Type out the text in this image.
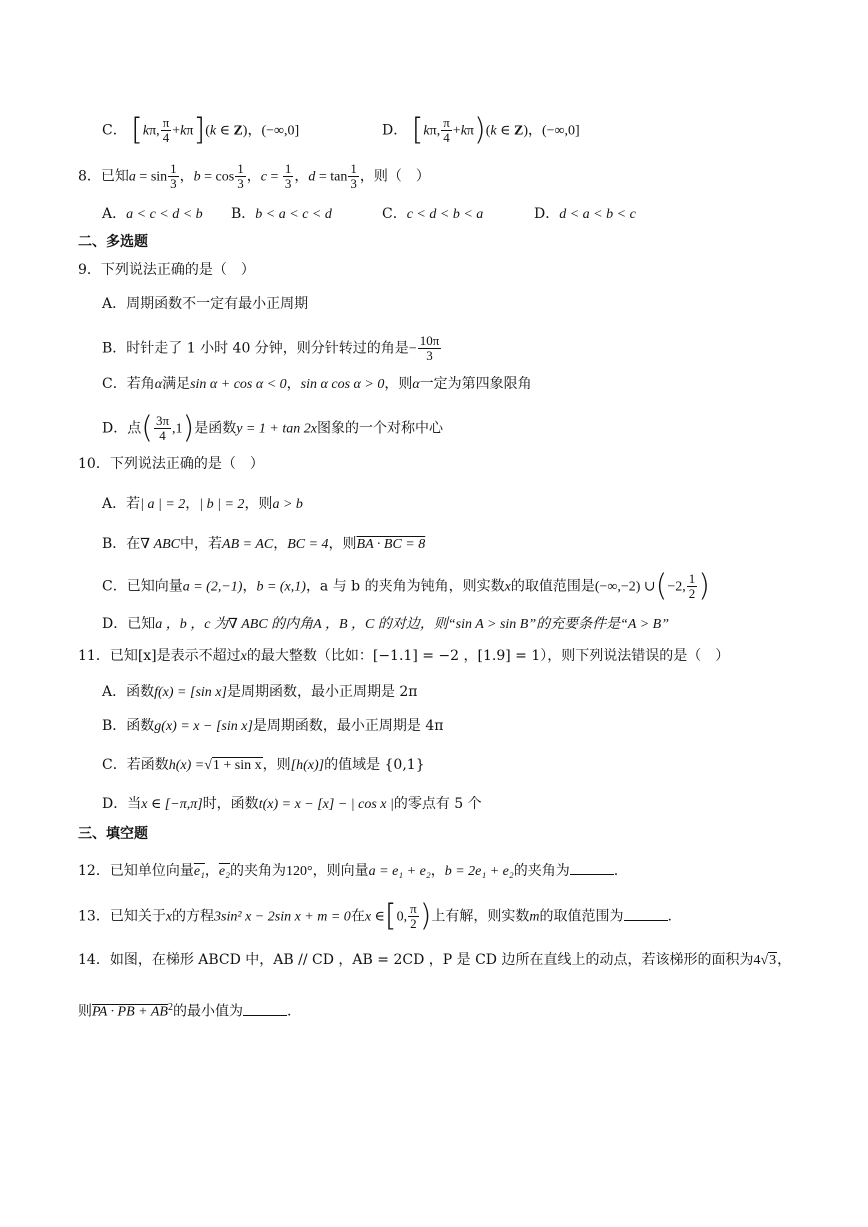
C． [kπ, $\frac{\pi}{4} +k\pi](k$ ∈ Z)，(−∞,0]	D． [kπ, $\frac{\pi}{4} +k\pi)(k$ ∈ Z)，(−∞,0]
8．已知$a = \sin \frac{1}{3}$ ，$b = \cos \frac{1}{3}$ ，$c = \frac{1}{3}$ ，$d = \tan \frac{1}{3}$ ，则（　）
A．a < c < d < b B．b < a < c < d	C．c < d < b < a	D．d < a < b < c
二、多选题
9．下列说法正确的是（　）
A．周期函数不一定有最小正周期
B．时针走了 1 小时 40 分钟，则分针转过的角是− $\frac{10\pi}{3}$
C．若角α满足sin α + cos α < 0，sin α cos α > 0，则α一定为第四象限角
D．点( $\frac{3\pi}{4} ,1$)是函数y = 1 + tan 2x图象的一个对称中心
10．下列说法正确的是（　）
A．若| a | = 2，| b | = 2，则a > b
B．在∇ ABC中，若AB = AC，BC = 4，则BA · BC = 8
C．已知向量a = (2,−1)，b = (x,1)，a 与 b 的夹角为钝角，则实数x的取值范围是(−∞,−2) ∪(−2, $\frac{1}{2}$ )
D．已知a ，b ，c 为∇ ABC 的内角A ，B ，C 的对边，则“sin A > sin B”的充要条件是“A > B”
11．已知[x]是表示不超过x的最大整数（比如：[−1.1] = −2 ，[1.9] = 1），则下列说法错误的是（　）
A．函数f(x) = [sin x]是周期函数，最小正周期是 2π
B．函数g(x) = x − [sin x]是周期函数，最小正周期是 4π
C．若函数h(x) =√1 + sin x，则[h(x)]的值域是 {0,1}
D．当x ∈ [−π,π]时，函数t(x) = x − [x] − | cos x |的零点有 5 个
三、填空题
12．已知单位向量e₁，e₂的夹角为120°，则向量a = e₁ + e₂，b = 2e₁ + e₂的夹角为	.
13．已知关于x的方程3sin² x − 2sin x + m = 0在x ∈[0, $\frac{\pi}{2}$ )上有解，则实数m的取值范围为	.
14．如图，在梯形 ABCD 中，AB // CD ，AB = 2CD ，P 是 CD 边所在直线上的动点，若该梯形的面积为4√3，
则PA · PB + $AB^2$的最小值为	.
